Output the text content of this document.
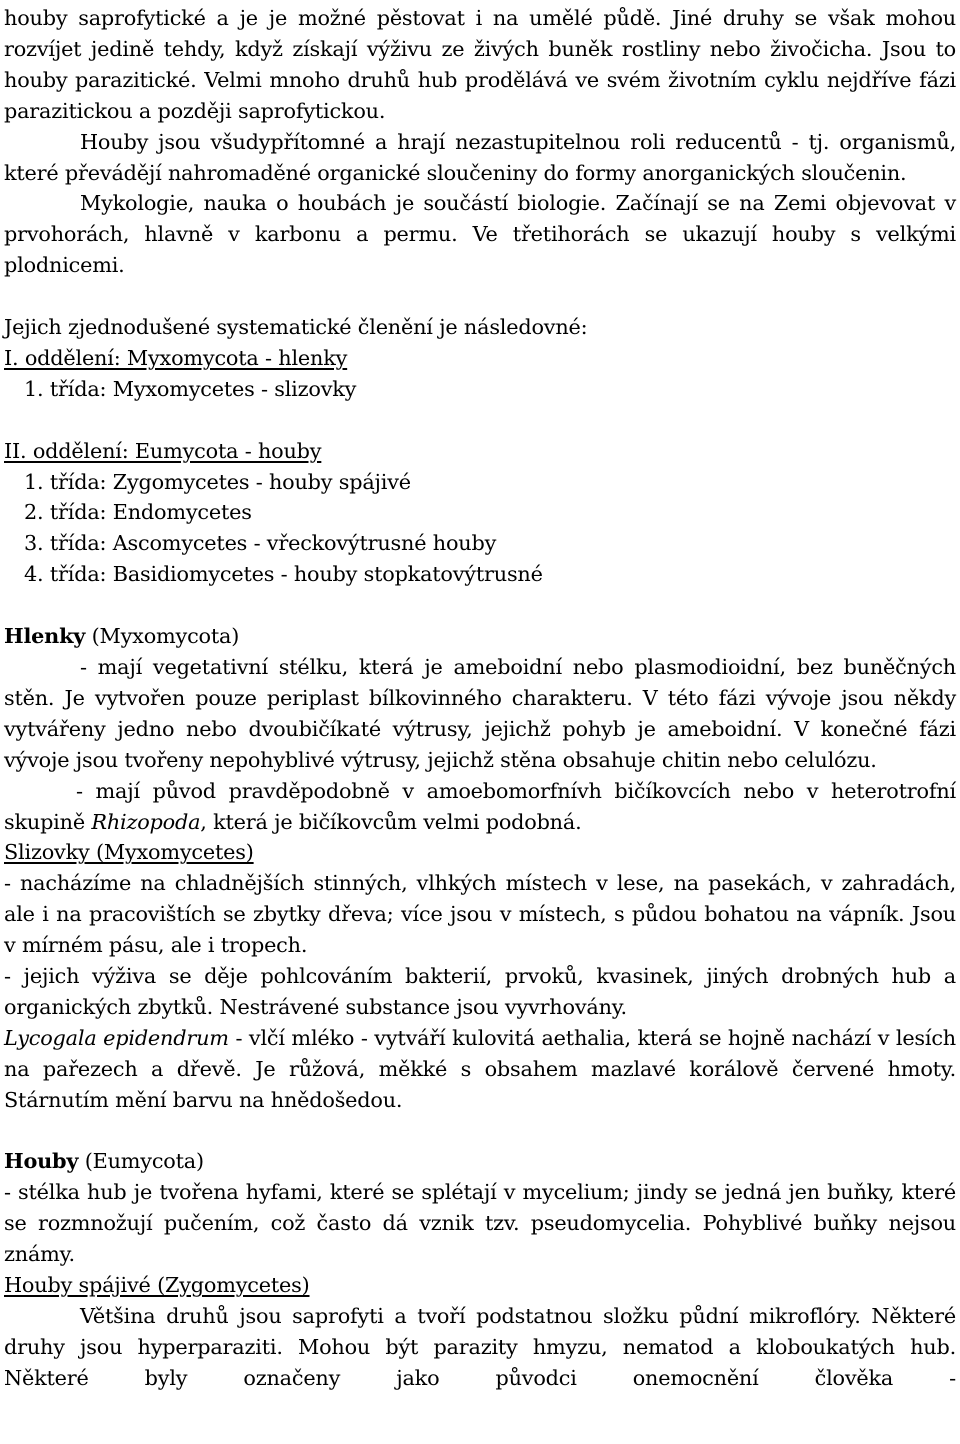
houby saprofytické a je je možné pěstovat i na umělé půdě. Jiné druhy se však mohou rozvíjet jedině tehdy, když získají výživu ze živých buněk rostliny nebo živočicha. Jsou to houby parazitické. Velmi mnoho druhů hub prodělává ve svém životním cyklu nejdříve fázi parazitickou a později saprofytickou.

Houby jsou všudypřítomné a hrají nezastupitelnou roli reducentů - tj. organismů, které převádějí nahromaděné organické sloučeniny do formy anorganických sloučenin.

Mykologie, nauka o houbách je součástí biologie. Začínají se na Zemi objevovat v prvohorách, hlavně v karbonu a permu. Ve třetihorách se ukazují houby s velkými plodnicemi.

Jejich zjednodušené systematické členění je následovné:

I. oddělení: Myxomycota - hlenky

1. třída: Myxomycetes - slizovky

II. oddělení: Eumycota - houby

1. třída: Zygomycetes - houby spájivé

2. třída: Endomycetes

3. třída: Ascomycetes - vřeckovýtrusné houby

4. třída: Basidiomycetes - houby stopkatovýtrusné

Hlenky (Myxomycota)

- mají vegetativní stélku, která je ameboidní nebo plasmodioidní, bez buněčných stěn. Je vytvořen pouze periplast bílkovinného charakteru. V této fázi vývoje jsou někdy vytvářeny jedno nebo dvoubičíkaté výtrusy, jejichž pohyb je ameboidní. V konečné fázi vývoje jsou tvořeny nepohyblivé výtrusy, jejichž stěna obsahuje chitin nebo celulózu.

- mají původ pravděpodobně v amoebomorfnívh bičíkovcích nebo v heterotrofní skupině Rhizopoda, která je bičíkovcům velmi podobná.

Slizovky (Myxomycetes)

- nacházíme na chladnějších stinných, vlhkých místech v lese, na pasekách, v zahradách, ale i na pracovištích se zbytky dřeva; více jsou v místech, s půdou bohatou na vápník. Jsou v mírném pásu, ale i tropech.

- jejich výživa se děje pohlcováním bakterií, prvoků, kvasinek, jiných drobných hub a organických zbytků. Nestrávené substance jsou vyvrhovány.

Lycogala epidendrum - vlčí mléko - vytváří kulovitá aethalia, která se hojně nachází v lesích na pařezech a dřevě. Je růžová, měkké s obsahem mazlavé korálově červené hmoty. Stárnutím mění barvu na hnědošedou.

Houby (Eumycota)

- stélka hub je tvořena hyfami, které se splétají v mycelium; jindy se jedná jen buňky, které se rozmnožují pučením, což často dá vznik tzv. pseudomycelia. Pohyblivé buňky nejsou známy.

Houby spájivé (Zygomycetes)

Většina druhů jsou saprofyti a tvoří podstatnou složku půdní mikroflóry. Některé druhy jsou hyperparaziti. Mohou být parazity hmyzu, nematod a kloboukatých hub. Některé byly označeny jako původci onemocnění člověka -
